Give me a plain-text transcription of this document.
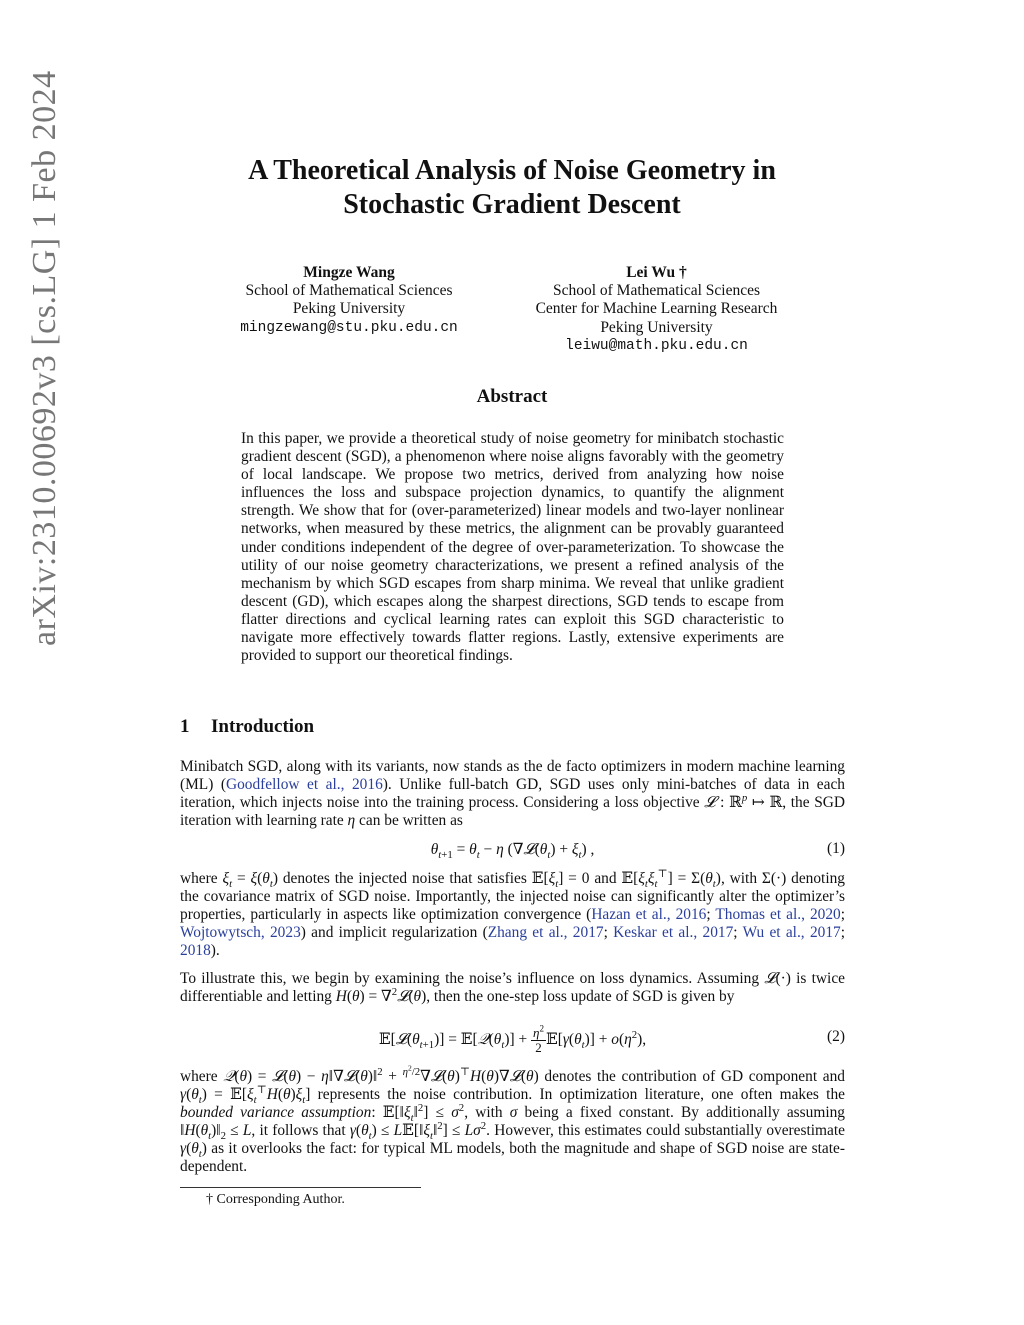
arXiv:2310.00692v3 [cs.LG] 1 Feb 2024	A Theoretical Analysis of Noise Geometry in
Stochastic Gradient Descent
Mingze Wang
School of Mathematical Sciences
Peking University
mingzewang@stu.pku.edu.cn
Lei Wu †
School of Mathematical Sciences
Center for Machine Learning Research
Peking University
leiwu@math.pku.edu.cn
Abstract
In this paper, we provide a theoretical study of noise geometry for minibatch stochastic gradient descent (SGD), a phenomenon where noise aligns favorably with the geometry of local landscape. We propose two metrics, derived from analyzing how noise influences the loss and subspace projection dynamics, to quantify the alignment strength. We show that for (over-parameterized) linear models and two-layer nonlinear networks, when measured by these metrics, the alignment can be provably guaranteed under conditions independent of the degree of over-parameterization. To showcase the utility of our noise geometry characterizations, we present a refined analysis of the mechanism by which SGD escapes from sharp minima. We reveal that unlike gradient descent (GD), which escapes along the sharpest directions, SGD tends to escape from flatter directions and cyclical learning rates can exploit this SGD characteristic to navigate more effectively towards flatter regions. Lastly, extensive experiments are provided to support our theoretical findings.
1 Introduction
Minibatch SGD, along with its variants, now stands as the de facto optimizers in modern machine learning (ML) (Goodfellow et al., 2016). Unlike full-batch GD, SGD uses only mini-batches of data in each iteration, which injects noise into the training process. Considering a loss objective 𝓛 : ℝ$^p$ ↦ ℝ, the SGD iteration with learning rate η can be written as
$\theta_{t+1} = \theta_t - \eta$ $(\nabla 𝓛(\theta_t) + \xi_t)$ ,	(1)
where $\xi_t = \xi(\theta_t)$ denotes the injected noise that satisfies $𝔼[\xi_t] = 0$ and $𝔼[\xi_t\xi_t^⊤] = \Sigma(\theta_t)$, with Σ(·) denoting the covariance matrix of SGD noise. Importantly, the injected noise can significantly alter the optimizer’s properties, particularly in aspects like optimization convergence (Hazan et al., 2016; Thomas et al., 2020; Wojtowytsch, 2023) and implicit regularization (Zhang et al., 2017; Keskar et al., 2017; Wu et al., 2017; 2018).
To illustrate this, we begin by examining the noise’s influence on loss dynamics. Assuming 𝓛(·) is twice differentiable and letting H(θ) = ∇$^2$𝓛(θ), then the one-step loss update of SGD is given by
$𝔼[𝓛(\theta_{t+1})]$ = $𝔼[𝒬(\theta_t)] + \frac{\eta^2}{2}$ $𝔼[\gamma(\theta_t)] + o(\eta^2)$,	(2)
where 𝒬(θ) = 𝓛(θ) − η‖∇𝓛(θ)‖$^2$ + $^{\eta^2/2}$∇𝓛(θ)⊤H(θ)∇𝓛(θ) denotes the contribution of GD component and $\gamma(\theta_t)$ = $𝔼[\xi_t^⊤H(\theta)\xi_t]$ represents the noise contribution. In optimization literature, one often makes the bounded variance assumption: $𝔼[‖\xi_t‖^2] \le \sigma^2$, with σ being a fixed constant. By additionally assuming $‖H(\theta_t)‖_2 \le L$, it follows that $\gamma(\theta_t)$ ≤ $L𝔼[‖\xi_t‖^2] \le L\sigma^2$. However, this estimates could substantially overestimate $\gamma(\theta_t)$ as it overlooks the fact: for typical ML models, both the magnitude and shape of SGD noise are state-dependent.
† Corresponding Author.
